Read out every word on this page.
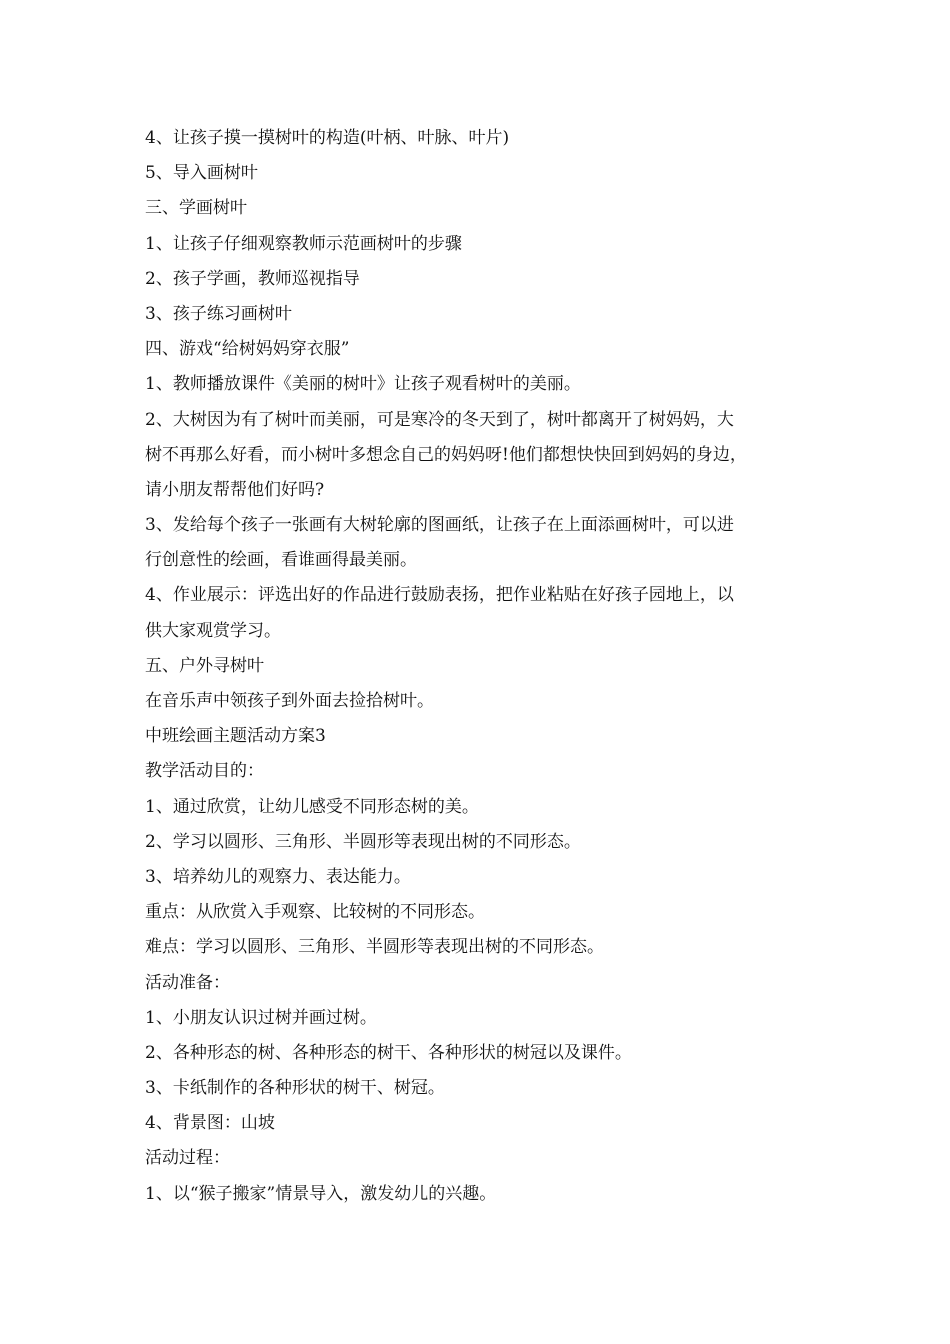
4、让孩子摸一摸树叶的构造(叶柄、叶脉、叶片)
5、导入画树叶
三、学画树叶
1、让孩子仔细观察教师示范画树叶的步骤
2、孩子学画，教师巡视指导
3、孩子练习画树叶
四、游戏“给树妈妈穿衣服”
1、教师播放课件《美丽的树叶》让孩子观看树叶的美丽。
2、大树因为有了树叶而美丽，可是寒冷的冬天到了，树叶都离开了树妈妈，大
树不再那么好看，而小树叶多想念自己的妈妈呀!他们都想快快回到妈妈的身边，
请小朋友帮帮他们好吗?
3、发给每个孩子一张画有大树轮廓的图画纸，让孩子在上面添画树叶，可以进
行创意性的绘画，看谁画得最美丽。
4、作业展示：评选出好的作品进行鼓励表扬，把作业粘贴在好孩子园地上，以
供大家观赏学习。
五、户外寻树叶
在音乐声中领孩子到外面去捡拾树叶。
中班绘画主题活动方案3
教学活动目的：
1、通过欣赏，让幼儿感受不同形态树的美。
2、学习以圆形、三角形、半圆形等表现出树的不同形态。
3、培养幼儿的观察力、表达能力。
重点：从欣赏入手观察、比较树的不同形态。
难点：学习以圆形、三角形、半圆形等表现出树的不同形态。
活动准备：
1、小朋友认识过树并画过树。
2、各种形态的树、各种形态的树干、各种形状的树冠以及课件。
3、卡纸制作的各种形状的树干、树冠。
4、背景图：山坡
活动过程：
1、以“猴子搬家”情景导入，激发幼儿的兴趣。
